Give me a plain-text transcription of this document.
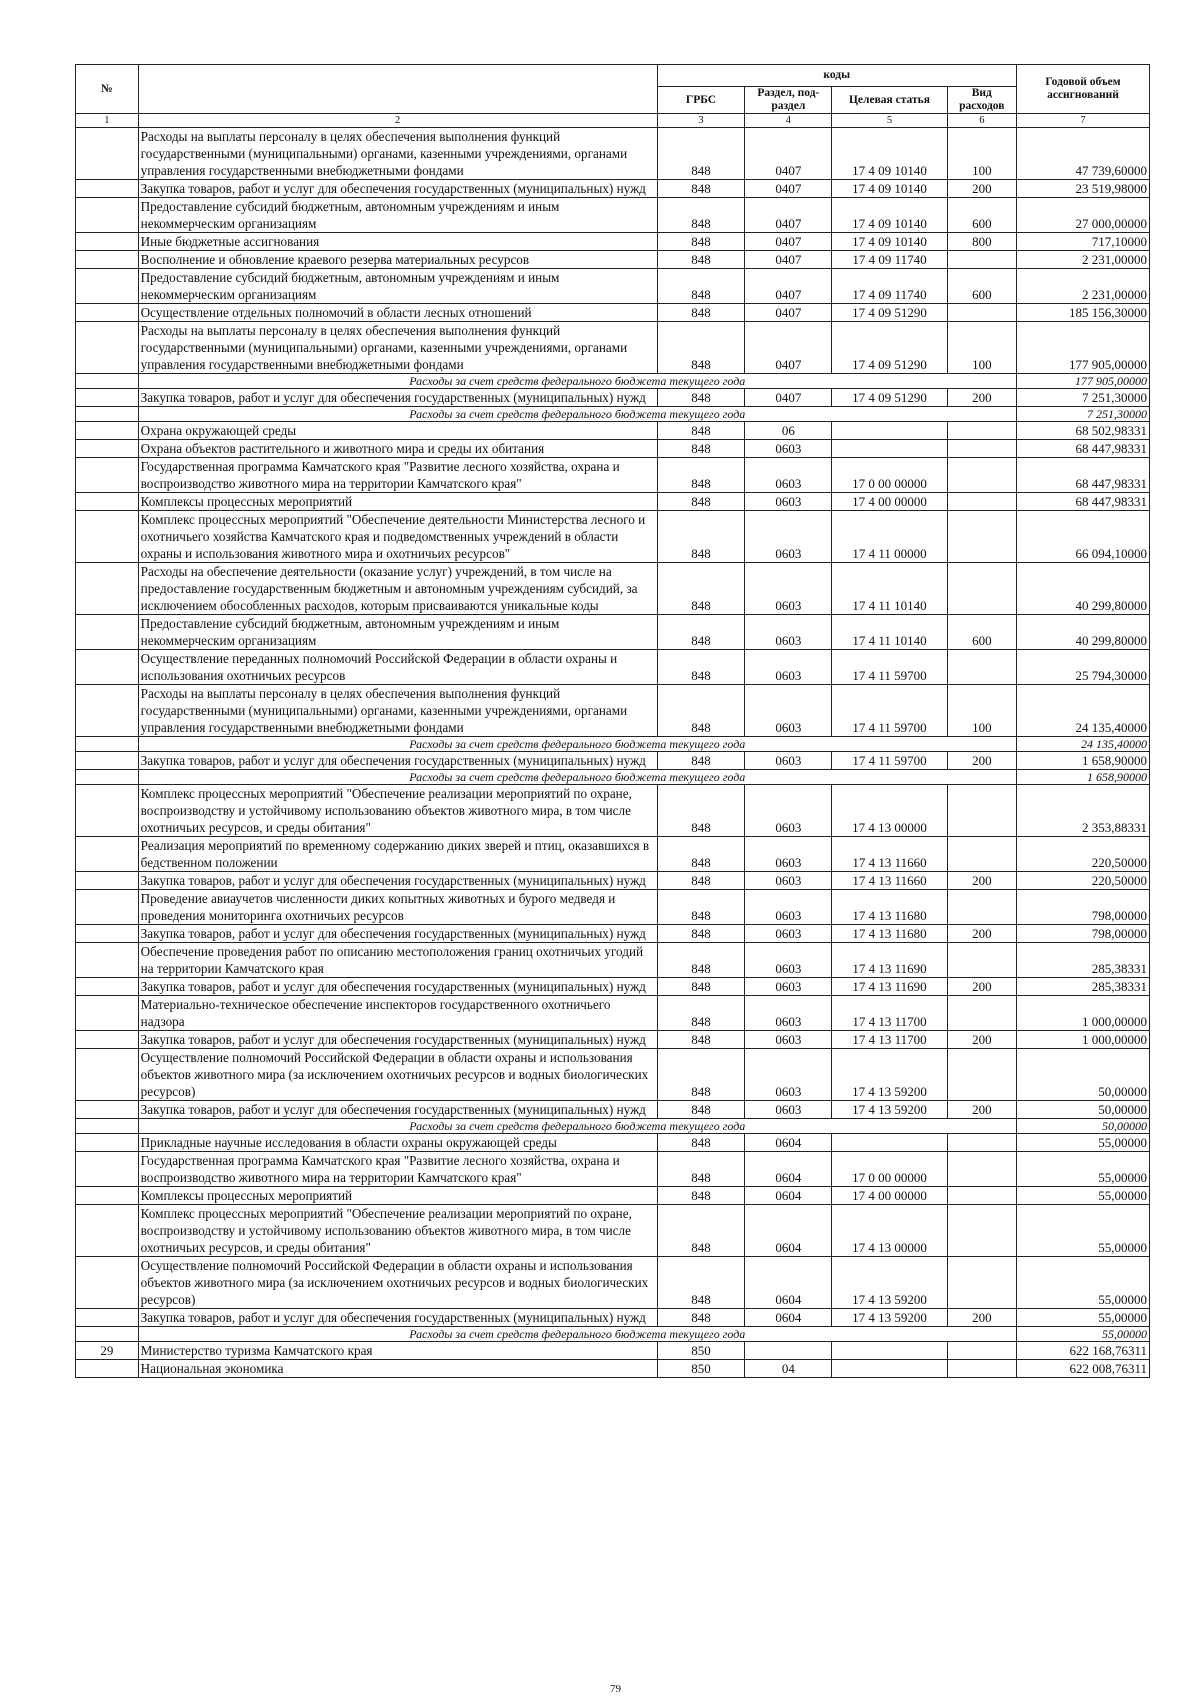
№		коды				Годовой объем ассигнований
		ГРБС	Раздел, под-раздел	Целевая статья	Вид расходов	
1	2	3	4	5	6	7
	Расходы на выплаты персоналу в целях обеспечения выполнения функций государственными (муниципальными) органами, казенными учреждениями, органами управления государственными внебюджетными фондами	848	0407	17 4 09 10140	100	47 739,60000
	Закупка товаров, работ и услуг для обеспечения государственных (муниципальных) нужд	848	0407	17 4 09 10140	200	23 519,98000
	Предоставление субсидий бюджетным, автономным учреждениям и иным некоммерческим организациям	848	0407	17 4 09 10140	600	27 000,00000
	Иные бюджетные ассигнования	848	0407	17 4 09 10140	800	717,10000
	Восполнение и обновление краевого резерва материальных ресурсов	848	0407	17 4 09 11740		2 231,00000
	Предоставление субсидий бюджетным, автономным учреждениям и иным некоммерческим организациям	848	0407	17 4 09 11740	600	2 231,00000
	Осуществление отдельных полномочий в области лесных отношений	848	0407	17 4 09 51290		185 156,30000
	Расходы на выплаты персоналу в целях обеспечения выполнения функций государственными (муниципальными) органами, казенными учреждениями, органами управления государственными внебюджетными фондами	848	0407	17 4 09 51290	100	177 905,00000
	Расходы за счет средств федерального бюджета текущего года					177 905,00000
	Закупка товаров, работ и услуг для обеспечения государственных (муниципальных) нужд	848	0407	17 4 09 51290	200	7 251,30000
	Расходы за счет средств федерального бюджета текущего года					7 251,30000
	Охрана окружающей среды	848	06			68 502,98331
	Охрана объектов растительного и животного мира и среды их обитания	848	0603			68 447,98331
	Государственная программа Камчатского края "Развитие лесного хозяйства, охрана и воспроизводство животного мира на территории Камчатского края"	848	0603	17 0 00 00000		68 447,98331
	Комплексы процессных мероприятий	848	0603	17 4 00 00000		68 447,98331
	Комплекс процессных мероприятий "Обеспечение деятельности Министерства лесного и охотничьего хозяйства Камчатского края и подведомственных учреждений в области охраны и использования животного мира и охотничьих ресурсов"	848	0603	17 4 11 00000		66 094,10000
	Расходы на обеспечение деятельности (оказание услуг) учреждений, в том числе на предоставление государственным бюджетным и автономным учреждениям субсидий, за исключением обособленных расходов, которым присваиваются уникальные коды	848	0603	17 4 11 10140		40 299,80000
	Предоставление субсидий бюджетным, автономным учреждениям и иным некоммерческим организациям	848	0603	17 4 11 10140	600	40 299,80000
	Осуществление переданных полномочий Российской Федерации в области охраны и использования охотничьих ресурсов	848	0603	17 4 11 59700		25 794,30000
	Расходы на выплаты персоналу в целях обеспечения выполнения функций государственными (муниципальными) органами, казенными учреждениями, органами управления государственными внебюджетными фондами	848	0603	17 4 11 59700	100	24 135,40000
	Расходы за счет средств федерального бюджета текущего года					24 135,40000
	Закупка товаров, работ и услуг для обеспечения государственных (муниципальных) нужд	848	0603	17 4 11 59700	200	1 658,90000
	Расходы за счет средств федерального бюджета текущего года					1 658,90000
	Комплекс процессных мероприятий "Обеспечение реализации мероприятий по охране, воспроизводству и устойчивому использованию объектов животного мира, в том числе охотничьих ресурсов, и среды обитания"	848	0603	17 4 13 00000		2 353,88331
	Реализация мероприятий по временному содержанию диких зверей и птиц, оказавшихся в бедственном положении	848	0603	17 4 13 11660		220,50000
	Закупка товаров, работ и услуг для обеспечения государственных (муниципальных) нужд	848	0603	17 4 13 11660	200	220,50000
	Проведение авиаучетов численности диких копытных животных и бурого медведя и проведения мониторинга охотничьих ресурсов	848	0603	17 4 13 11680		798,00000
	Закупка товаров, работ и услуг для обеспечения государственных (муниципальных) нужд	848	0603	17 4 13 11680	200	798,00000
	Обеспечение проведения работ по описанию местоположения границ охотничьих угодий на территории Камчатского края	848	0603	17 4 13 11690		285,38331
	Закупка товаров, работ и услуг для обеспечения государственных (муниципальных) нужд	848	0603	17 4 13 11690	200	285,38331
	Материально-техническое обеспечение инспекторов государственного охотничьего надзора	848	0603	17 4 13 11700		1 000,00000
	Закупка товаров, работ и услуг для обеспечения государственных (муниципальных) нужд	848	0603	17 4 13 11700	200	1 000,00000
	Осуществление полномочий Российской Федерации в области охраны и использования объектов животного мира (за исключением охотничьих ресурсов и водных биологических ресурсов)	848	0603	17 4 13 59200		50,00000
	Закупка товаров, работ и услуг для обеспечения государственных (муниципальных) нужд	848	0603	17 4 13 59200	200	50,00000
	Расходы за счет средств федерального бюджета текущего года					50,00000
	Прикладные научные исследования в области охраны окружающей среды	848	0604			55,00000
	Государственная программа Камчатского края "Развитие лесного хозяйства, охрана и воспроизводство животного мира на территории Камчатского края"	848	0604	17 0 00 00000		55,00000
	Комплексы процессных мероприятий	848	0604	17 4 00 00000		55,00000
	Комплекс процессных мероприятий "Обеспечение реализации мероприятий по охране, воспроизводству и устойчивому использованию объектов животного мира, в том числе охотничьих ресурсов, и среды обитания"	848	0604	17 4 13 00000		55,00000
	Осуществление полномочий Российской Федерации в области охраны и использования объектов животного мира (за исключением охотничьих ресурсов и водных биологических ресурсов)	848	0604	17 4 13 59200		55,00000
	Закупка товаров, работ и услуг для обеспечения государственных (муниципальных) нужд	848	0604	17 4 13 59200	200	55,00000
	Расходы за счет средств федерального бюджета текущего года					55,00000
29	Министерство туризма Камчатского края	850				622 168,76311
	Национальная экономика	850	04			622 008,76311
79
